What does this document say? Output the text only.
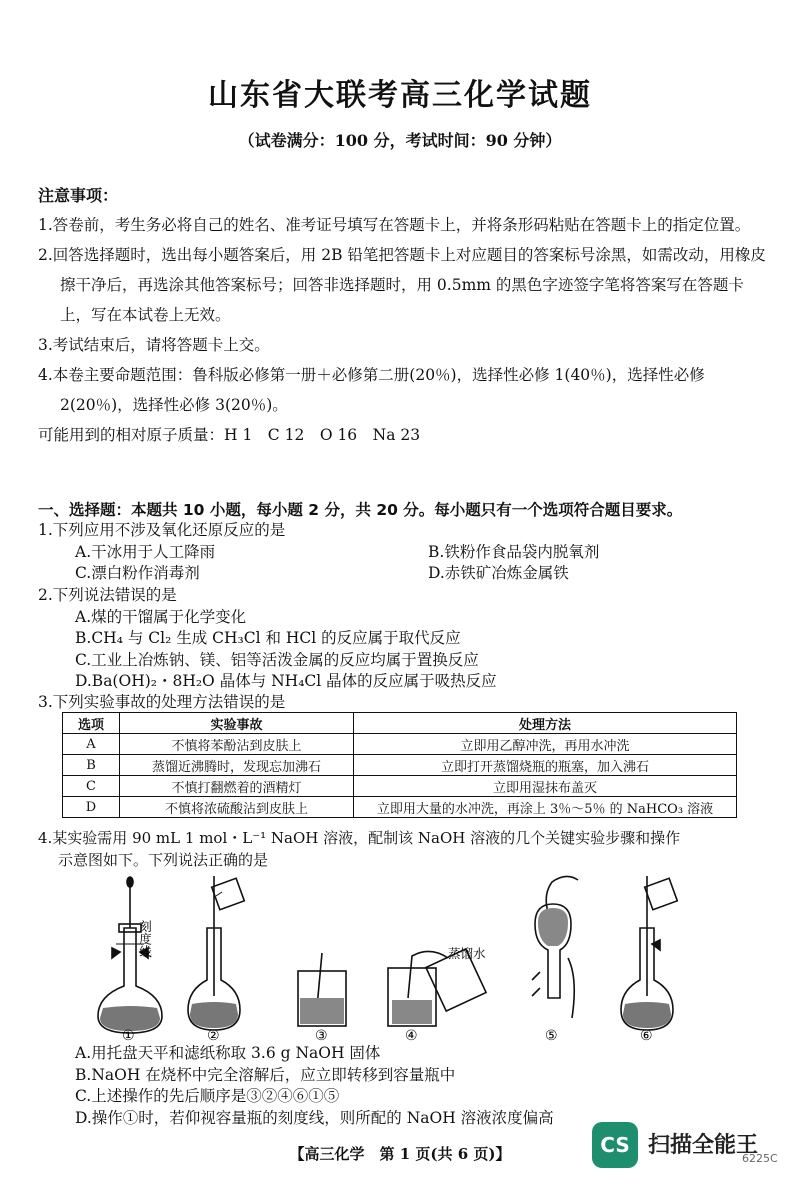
山东省大联考高三化学试题
（试卷满分：100 分，考试时间：90 分钟）
注意事项：
1.答卷前，考生务必将自己的姓名、准考证号填写在答题卡上，并将条形码粘贴在答题卡上的指定位置。
2.回答选择题时，选出每小题答案后，用 2B 铅笔把答题卡上对应题目的答案标号涂黑，如需改动，用橡皮擦干净后，再选涂其他答案标号；回答非选择题时，用 0.5mm 的黑色字迹签字笔将答案写在答题卡上，写在本试卷上无效。
3.考试结束后，请将答题卡上交。
4.本卷主要命题范围：鲁科版必修第一册＋必修第二册(20％)，选择性必修 1(40％)，选择性必修 2(20％)，选择性必修 3(20％)。
可能用到的相对原子质量：H 1　C 12　O 16　Na 23
一、选择题：本题共 10 小题，每小题 2 分，共 20 分。每小题只有一个选项符合题目要求。
1.下列应用不涉及氧化还原反应的是
A.干冰用于人工降雨	B.铁粉作食品袋内脱氧剂
C.漂白粉作消毒剂	D.赤铁矿冶炼金属铁
2.下列说法错误的是
A.煤的干馏属于化学变化
B.CH₄ 与 Cl₂ 生成 CH₃Cl 和 HCl 的反应属于取代反应
C.工业上冶炼钠、镁、铝等活泼金属的反应均属于置换反应
D.Ba(OH)₂・8H₂O 晶体与 NH₄Cl 晶体的反应属于吸热反应
3.下列实验事故的处理方法错误的是
选项	实验事故	处理方法
A	不慎将苯酚沾到皮肤上	立即用乙醇冲洗，再用水冲洗
B	蒸馏近沸腾时，发现忘加沸石	立即打开蒸馏烧瓶的瓶塞，加入沸石
C	不慎打翻燃着的酒精灯	立即用湿抹布盖灭
D	不慎将浓硫酸沾到皮肤上	立即用大量的水冲洗，再涂上 3％～5％ 的 NaHCO₃ 溶液
4.某实验需用 90 mL 1 mol・L⁻¹ NaOH 溶液，配制该 NaOH 溶液的几个关键实验步骤和操作
示意图如下。下列说法正确的是
刻度线	蒸馏水
①	②	③	④	⑤	⑥
A.用托盘天平和滤纸称取 3.6 g NaOH 固体
B.NaOH 在烧杯中完全溶解后，应立即转移到容量瓶中
C.上述操作的先后顺序是③②④⑥①⑤
D.操作①时，若仰视容量瓶的刻度线，则所配的 NaOH 溶液浓度偏高
【高三化学　第 1 页(共 6 页)】	6225C
CS 扫描全能王
